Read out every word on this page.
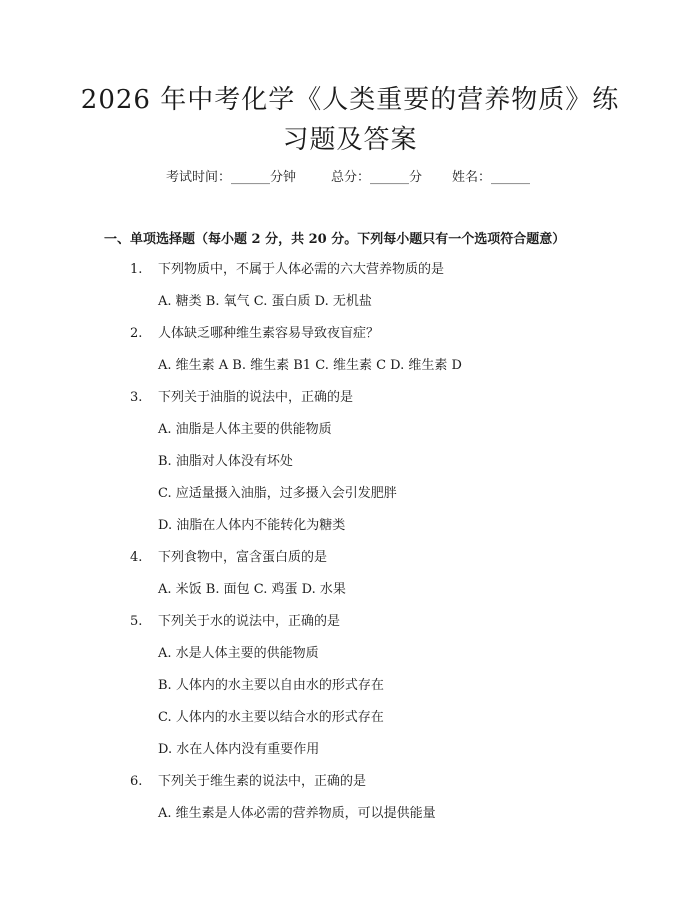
2026 年中考化学《人类重要的营养物质》练
习题及答案
考试时间：______分钟	总分：______分 姓名：______
一、单项选择题（每小题 2 分，共 20 分。下列每小题只有一个选项符合题意）
1. 下列物质中，不属于人体必需的六大营养物质的是
A. 糖类 B. 氧气 C. 蛋白质 D. 无机盐
2. 人体缺乏哪种维生素容易导致夜盲症？
A. 维生素 A B. 维生素 B1 C. 维生素 C D. 维生素 D
3. 下列关于油脂的说法中，正确的是
A. 油脂是人体主要的供能物质
B. 油脂对人体没有坏处
C. 应适量摄入油脂，过多摄入会引发肥胖
D. 油脂在人体内不能转化为糖类
4. 下列食物中，富含蛋白质的是
A. 米饭 B. 面包 C. 鸡蛋 D. 水果
5. 下列关于水的说法中，正确的是
A. 水是人体主要的供能物质
B. 人体内的水主要以自由水的形式存在
C. 人体内的水主要以结合水的形式存在
D. 水在人体内没有重要作用
6. 下列关于维生素的说法中，正确的是
A. 维生素是人体必需的营养物质，可以提供能量
